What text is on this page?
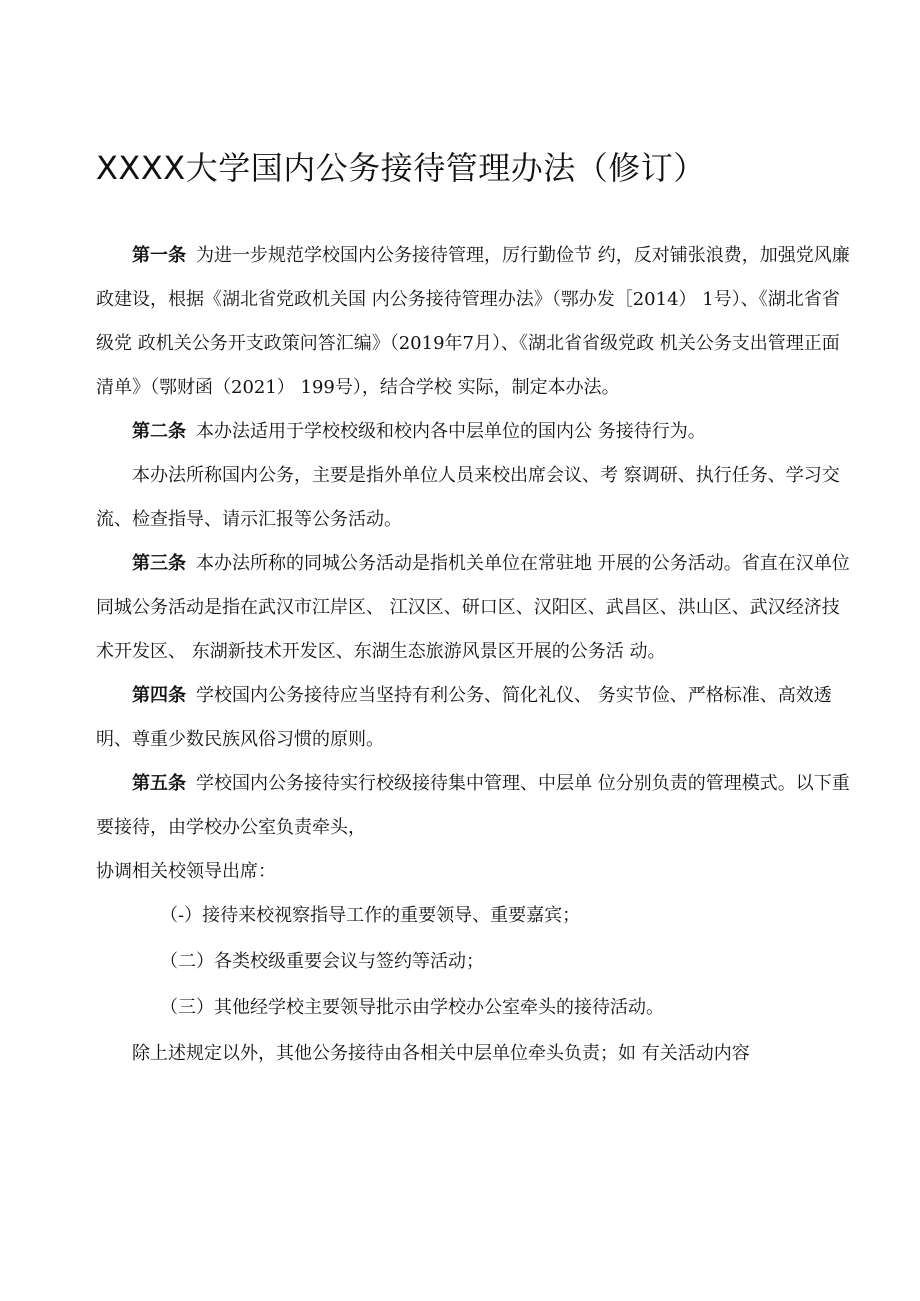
XXXX大学国内公务接待管理办法（修订）

第一条 为进一步规范学校国内公务接待管理，厉行勤俭节 约，反对铺张浪费，加强党风廉政建设，根据《湖北省党政机关国 内公务接待管理办法》（鄂办发［2014） 1号）、《湖北省省级党 政机关公务开支政策问答汇编》（2019年7月）、《湖北省省级党政 机关公务支出管理正面清单》（鄂财函（2021） 199号），结合学校 实际，制定本办法。

第二条 本办法适用于学校校级和校内各中层单位的国内公 务接待行为。

本办法所称国内公务，主要是指外单位人员来校出席会议、考 察调研、执行任务、学习交流、检查指导、请示汇报等公务活动。

第三条 本办法所称的同城公务活动是指机关单位在常驻地 开展的公务活动。省直在汉单位同城公务活动是指在武汉市江岸区、 江汉区、研口区、汉阳区、武昌区、洪山区、武汉经济技术开发区、 东湖新技术开发区、东湖生态旅游风景区开展的公务活 动。

第四条 学校国内公务接待应当坚持有利公务、简化礼仪、 务实节俭、严格标准、高效透明、尊重少数民族风俗习惯的原则。

第五条 学校国内公务接待实行校级接待集中管理、中层单 位分别负责的管理模式。以下重要接待，由学校办公室负责牵头，

协调相关校领导出席：

（-）接待来校视察指导工作的重要领导、重要嘉宾；

（二）各类校级重要会议与签约等活动；

（三）其他经学校主要领导批示由学校办公室牵头的接待活动。

除上述规定以外，其他公务接待由各相关中层单位牵头负责；如 有关活动内容
